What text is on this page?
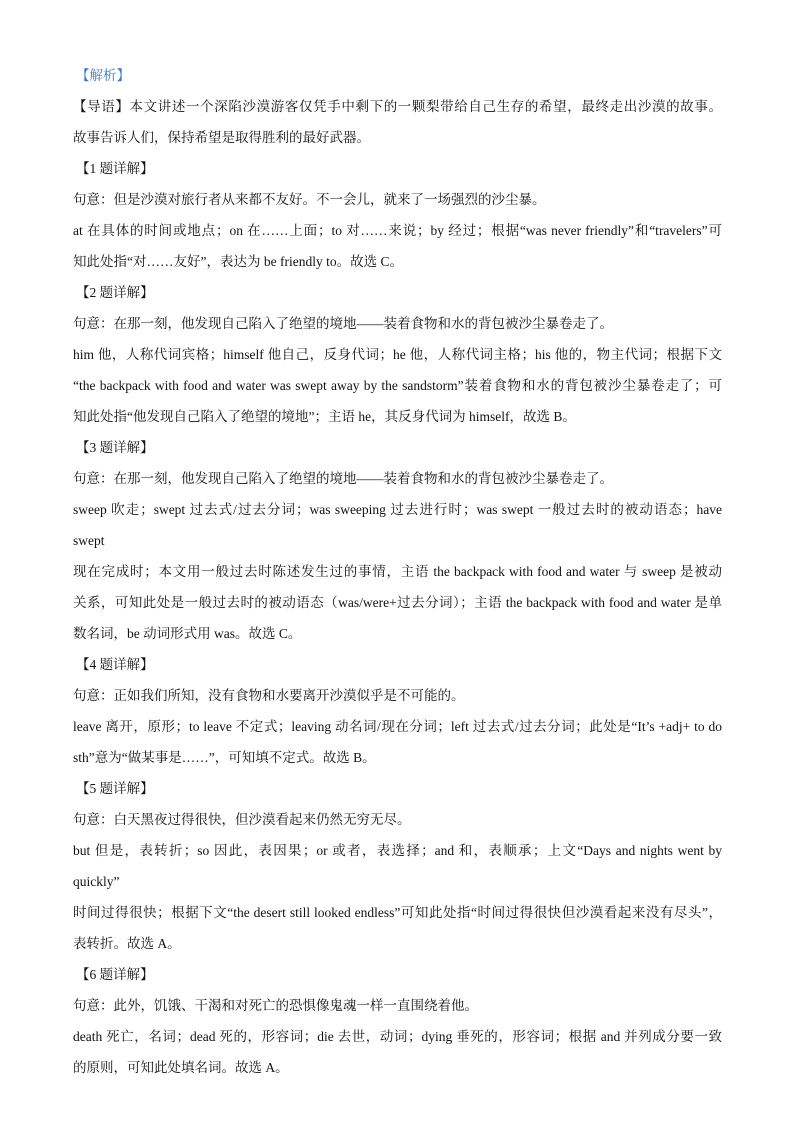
【解析】
【导语】本文讲述一个深陷沙漠游客仅凭手中剩下的一颗梨带给自己生存的希望，最终走出沙漠的故事。
故事告诉人们，保持希望是取得胜利的最好武器。
【1 题详解】
句意：但是沙漠对旅行者从来都不友好。不一会儿，就来了一场强烈的沙尘暴。
at 在具体的时间或地点；on 在……上面；to 对……来说；by 经过；根据“was never friendly”和“travelers”可
知此处指“对……友好”，表达为 be friendly to。故选 C。
【2 题详解】
句意：在那一刻，他发现自己陷入了绝望的境地——装着食物和水的背包被沙尘暴卷走了。
him 他，人称代词宾格；himself 他自己，反身代词；he 他，人称代词主格；his 他的，物主代词；根据下文
“the backpack with food and water was swept away by the sandstorm”装着食物和水的背包被沙尘暴卷走了；可
知此处指“他发现自己陷入了绝望的境地”；主语 he，其反身代词为 himself，故选 B。
【3 题详解】
句意：在那一刻，他发现自己陷入了绝望的境地——装着食物和水的背包被沙尘暴卷走了。
sweep 吹走；swept 过去式/过去分词；was sweeping 过去进行时；was swept 一般过去时的被动语态；have swept
现在完成时；本文用一般过去时陈述发生过的事情，主语 the backpack with food and water 与 sweep 是被动
关系，可知此处是一般过去时的被动语态（was/were+过去分词）；主语 the backpack with food and water 是单
数名词，be 动词形式用 was。故选 C。
【4 题详解】
句意：正如我们所知，没有食物和水要离开沙漠似乎是不可能的。
leave 离开，原形；to leave 不定式；leaving 动名词/现在分词；left 过去式/过去分词；此处是“It’s +adj+ to do
sth”意为“做某事是……”，可知填不定式。故选 B。
【5 题详解】
句意：白天黑夜过得很快，但沙漠看起来仍然无穷无尽。
but 但是，表转折；so 因此，表因果；or 或者，表选择；and 和，表顺承；上文“Days and nights went by quickly”
时间过得很快；根据下文“the desert still looked endless”可知此处指“时间过得很快但沙漠看起来没有尽头”，
表转折。故选 A。
【6 题详解】
句意：此外，饥饿、干渴和对死亡的恐惧像鬼魂一样一直围绕着他。
death 死亡，名词；dead 死的，形容词；die 去世，动词；dying 垂死的，形容词；根据 and 并列成分要一致
的原则，可知此处填名词。故选 A。
